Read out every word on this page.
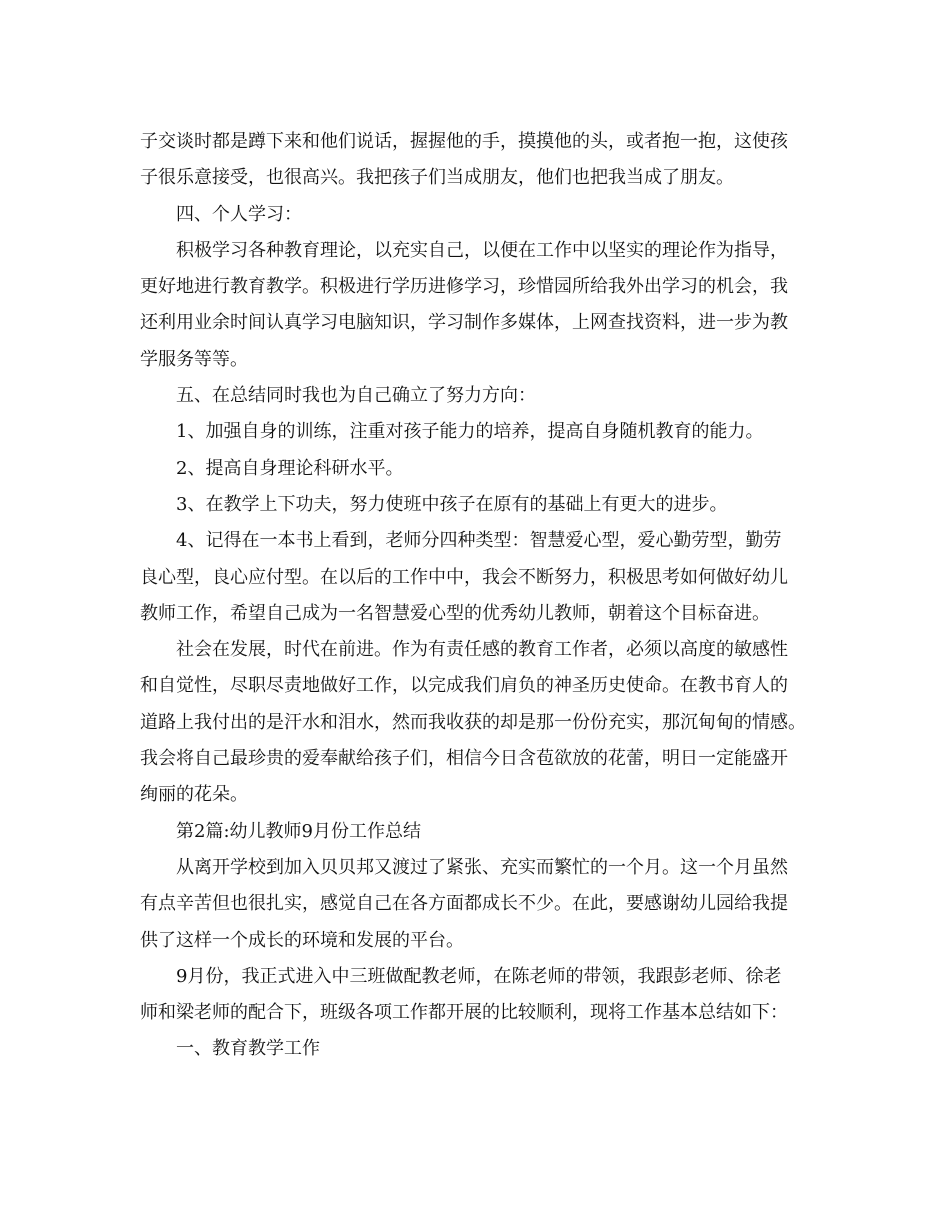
子交谈时都是蹲下来和他们说话，握握他的手，摸摸他的头，或者抱一抱，这使孩

子很乐意接受，也很高兴。我把孩子们当成朋友，他们也把我当成了朋友。

四、个人学习：

积极学习各种教育理论，以充实自己，以便在工作中以坚实的理论作为指导，

更好地进行教育教学。积极进行学历进修学习，珍惜园所给我外出学习的机会，我

还利用业余时间认真学习电脑知识，学习制作多媒体，上网查找资料，进一步为教

学服务等等。

五、在总结同时我也为自己确立了努力方向：

1、加强自身的训练，注重对孩子能力的培养，提高自身随机教育的能力。

2、提高自身理论科研水平。

3、在教学上下功夫，努力使班中孩子在原有的基础上有更大的进步。

4、记得在一本书上看到，老师分四种类型：智慧爱心型，爱心勤劳型，勤劳

良心型，良心应付型。在以后的工作中中，我会不断努力，积极思考如何做好幼儿

教师工作，希望自己成为一名智慧爱心型的优秀幼儿教师，朝着这个目标奋进。

社会在发展，时代在前进。作为有责任感的教育工作者，必须以高度的敏感性

和自觉性，尽职尽责地做好工作，以完成我们肩负的神圣历史使命。在教书育人的

道路上我付出的是汗水和泪水，然而我收获的却是那一份份充实，那沉甸甸的情感。

我会将自己最珍贵的爱奉献给孩子们，相信今日含苞欲放的花蕾，明日一定能盛开

绚丽的花朵。

第2篇:幼儿教师9月份工作总结

从离开学校到加入贝贝邦又渡过了紧张、充实而繁忙的一个月。这一个月虽然

有点辛苦但也很扎实，感觉自己在各方面都成长不少。在此，要感谢幼儿园给我提

供了这样一个成长的环境和发展的平台。

9月份，我正式进入中三班做配教老师，在陈老师的带领，我跟彭老师、徐老

师和梁老师的配合下，班级各项工作都开展的比较顺利，现将工作基本总结如下：

一、教育教学工作
